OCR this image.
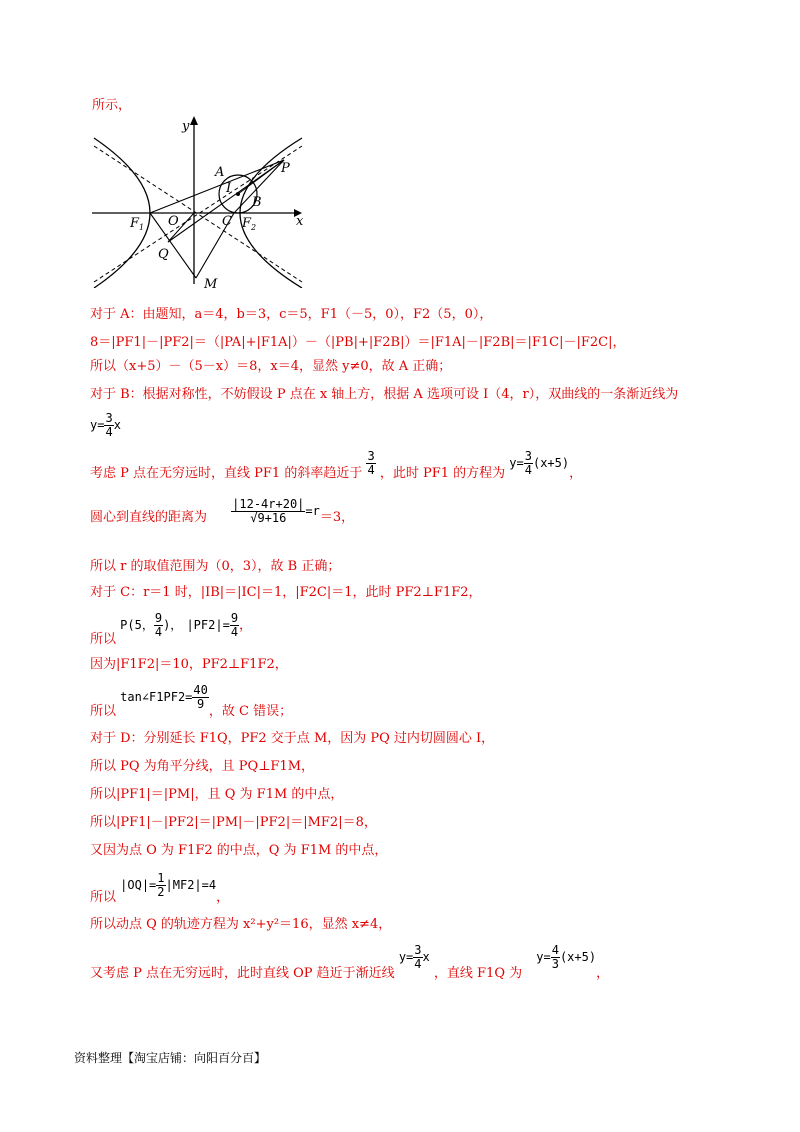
所示，
y
x
P
A
I
B
$F_1$ O	C $F_2$
Q
M
对于 A：由题知，a＝4，b＝3，c＝5，F1（－5，0），F2（5，0），
8＝|PF1|－|PF2|＝（|PA|+|F1A|）－（|PB|+|F2B|）＝|F1A|－|F2B|＝|F1C|－|F2C|，
所以（x+5）－（5－x）＝8，x＝4，显然 y≠0，故 A 正确；
对于 B：根据对称性，不妨假设 P 点在 x 轴上方，根据 A 选项可设 I（4，r），双曲线的一条渐近线为
$y= \frac{3}{4}$ x
考虑 P 点在无穷远时，直线 PF1 的斜率趋近于 $\frac{3}{4}$ ，此时 PF1 的方程为 $y= \frac{3}{4} (x+5)$，
圆心到直线的距离为 $\frac{|12-4r+20|}{√9+16} =r=3$，
所以 r 的取值范围为（0，3），故 B 正确；
对于 C：r＝1 时，|IB|＝|IC|＝1，|F2C|＝1，此时 PF2⊥F1F2，
所以 P(5， $\frac{9}{4}$ )， $|PF2|= \frac{9}{4}$ ，
因为|F1F2|＝10，PF2⊥F1F2，
所以 tan∠F1PF2= $\frac{40}{9}$
，故 C 错误；
对于 D：分别延长 F1Q，PF2 交于点 M，因为 PQ 过内切圆圆心 I，
所以 PQ 为角平分线，且 PQ⊥F1M，
所以|PF1|＝|PM|，且 Q 为 F1M 的中点，
所以|PF1|－|PF2|＝|PM|－|PF2|＝|MF2|＝8，
又因为点 O 为 F1F2 的中点，Q 为 F1M 的中点，
所以 $|OQ|= \frac{1}{2} |MF2|=4$，
所以动点 Q 的轨迹方程为 x²+y²＝16，显然 x≠4，
又考虑 P 点在无穷远时，此时直线 OP 趋近于渐近线 $y= \frac{3}{4}$ x ，直线 F1Q 为 $y= \frac{4}{3} (x+5)$，
资料整理【淘宝店铺：向阳百分百】
